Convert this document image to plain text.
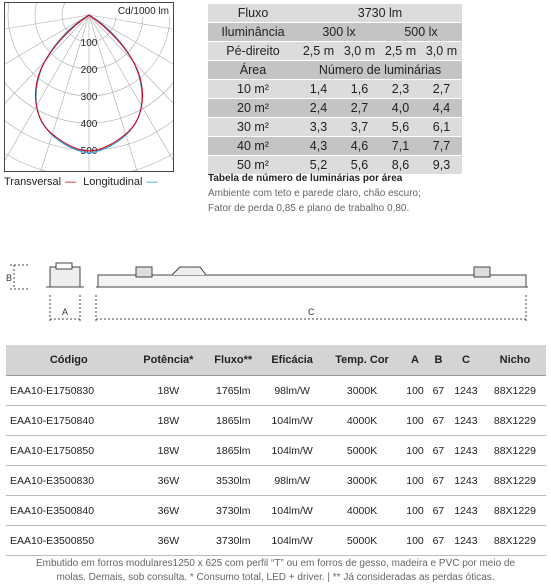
Cd/1000 lm
100
200
300
400
500
Transversal — Longitudinal —
Fluxo	3730 lm			
Iluminância	300 lx		500 lx	
Pé-direito	2,5 m	3,0 m	2,5 m	3,0 m
Área	Número de luminárias			
10 m²	1,4	1,6	2,3	2,7
20 m²	2,4	2,7	4,0	4,4
30 m²	3,3	3,7	5,6	6,1
40 m²	4,3	4,6	7,1	7,7
50 m²	5,2	5,6	8,6	9,3
Tabela de número de luminárias por área
Ambiente com teto e parede claro, chão escuro;
Fator de perda 0,85 e plano de trabalho 0,80.
B
A	C
Código	Potência*	Fluxo**	Eficácia	Temp. Cor	A	B	C	Nicho
EAA10-E1750830	18W	1765lm	98lm/W	3000K	100	67	1243	88X1229
EAA10-E1750840	18W	1865lm	104lm/W	4000K	100	67	1243	88X1229
EAA10-E1750850	18W	1865lm	104lm/W	5000K	100	67	1243	88X1229
EAA10-E3500830	36W	3530lm	98lm/W	3000K	100	67	1243	88X1229
EAA10-E3500840	36W	3730lm	104lm/W	4000K	100	67	1243	88X1229
EAA10-E3500850	36W	3730lm	104lm/W	5000K	100	67	1243	88X1229
Embutido em forros modulares1250 x 625 com perfil “T” ou em forros de gesso, madeira e PVC por meio de
molas. Demais, sob consulta. * Consumo total, LED + driver. | ** Já consideradas as perdas óticas.
